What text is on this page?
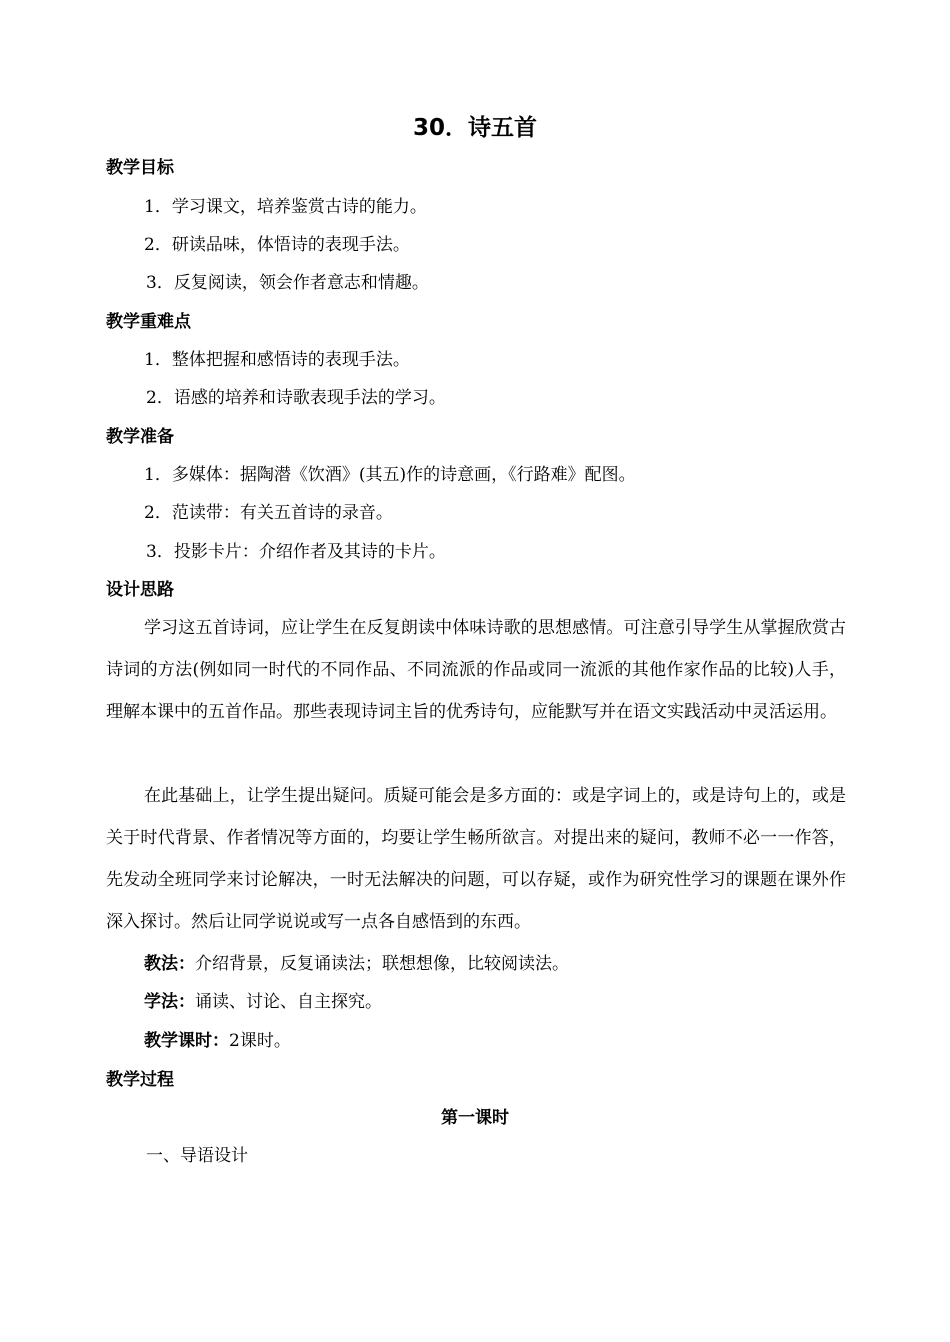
30．诗五首
教学目标
1．学习课文，培养鉴赏古诗的能力。
2．研读品味，体悟诗的表现手法。
3．反复阅读，领会作者意志和情趣。
教学重难点
1．整体把握和感悟诗的表现手法。
2．语感的培养和诗歌表现手法的学习。
教学准备
1．多媒体：据陶潜《饮酒》(其五)作的诗意画，《行路难》配图。
2．范读带：有关五首诗的录音。
3．投影卡片：介绍作者及其诗的卡片。
设计思路
学习这五首诗词，应让学生在反复朗读中体味诗歌的思想感情。可注意引导学生从掌握欣赏古诗词的方法(例如同一时代的不同作品、不同流派的作品或同一流派的其他作家作品的比较)人手，理解本课中的五首作品。那些表现诗词主旨的优秀诗句，应能默写并在语文实践活动中灵活运用。
在此基础上，让学生提出疑问。质疑可能会是多方面的：或是字词上的，或是诗句上的，或是关于时代背景、作者情况等方面的，均要让学生畅所欲言。对提出来的疑问，教师不必一一作答，先发动全班同学来讨论解决，一时无法解决的问题，可以存疑，或作为研究性学习的课题在课外作深入探讨。然后让同学说说或写一点各自感悟到的东西。
教法：介绍背景，反复诵读法；联想想像，比较阅读法。
学法：诵读、讨论、自主探究。
教学课时：2课时。
教学过程
第一课时
一、导语设计
